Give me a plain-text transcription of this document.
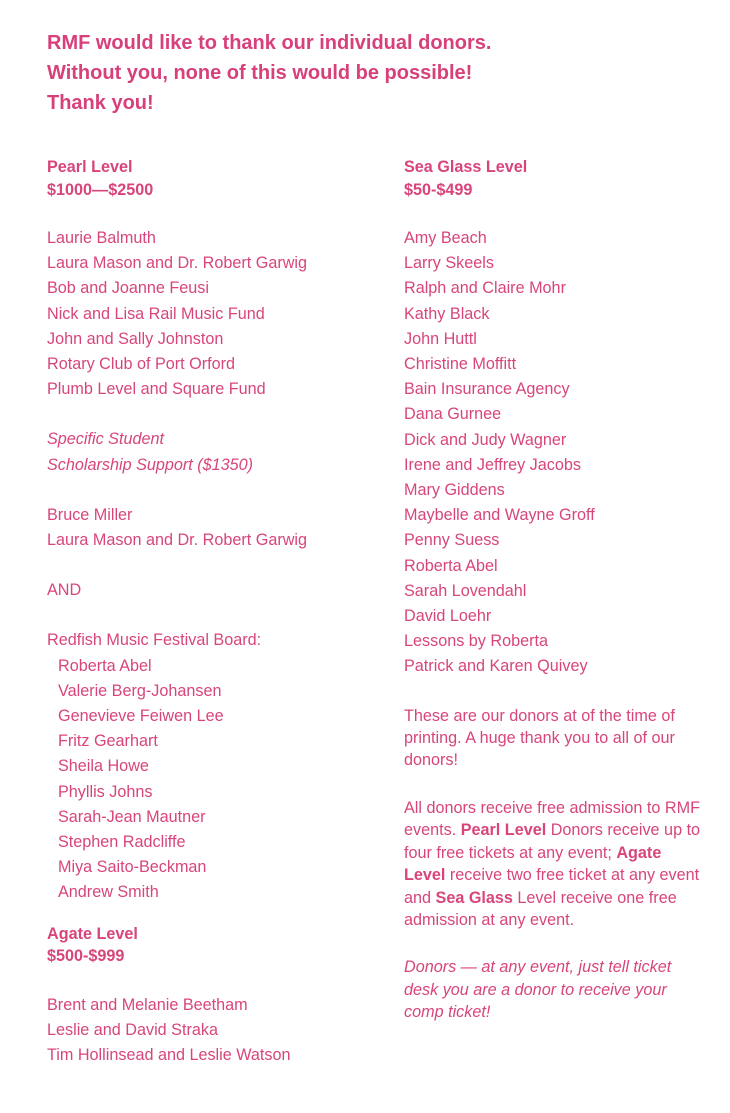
RMF would like to thank our individual donors.
Without you, none of this would be possible!
Thank you!
Pearl Level
$1000—$2500
Laurie Balmuth
Laura Mason and Dr. Robert Garwig
Bob and Joanne Feusi
Nick and Lisa Rail Music Fund
John and Sally Johnston
Rotary Club of Port Orford
Plumb Level and Square Fund
Specific Student
Scholarship Support ($1350)
Bruce Miller
Laura Mason and Dr. Robert Garwig
AND
Redfish Music Festival Board:
Roberta Abel
Valerie Berg-Johansen
Genevieve Feiwen Lee
Fritz Gearhart
Sheila Howe
Phyllis Johns
Sarah-Jean Mautner
Stephen Radcliffe
Miya Saito-Beckman
Andrew Smith
Agate Level
$500-$999
Brent and Melanie Beetham
Leslie and David Straka
Tim Hollinsead and Leslie Watson
Sea Glass Level
$50-$499
Amy Beach
Larry Skeels
Ralph and Claire Mohr
Kathy Black
John Huttl
Christine Moffitt
Bain Insurance Agency
Dana Gurnee
Dick and Judy Wagner
Irene and Jeffrey Jacobs
Mary Giddens
Maybelle and Wayne Groff
Penny Suess
Roberta Abel
Sarah Lovendahl
David Loehr
Lessons by Roberta
Patrick and Karen Quivey
These are our donors at of the time of printing. A huge thank you to all of our donors!
All donors receive free admission to RMF events. Pearl Level Donors receive up to four free tickets at any event; Agate Level receive two free ticket at any event and Sea Glass Level receive one free admission at any event.
Donors — at any event, just tell ticket desk you are a donor to receive your comp ticket!
